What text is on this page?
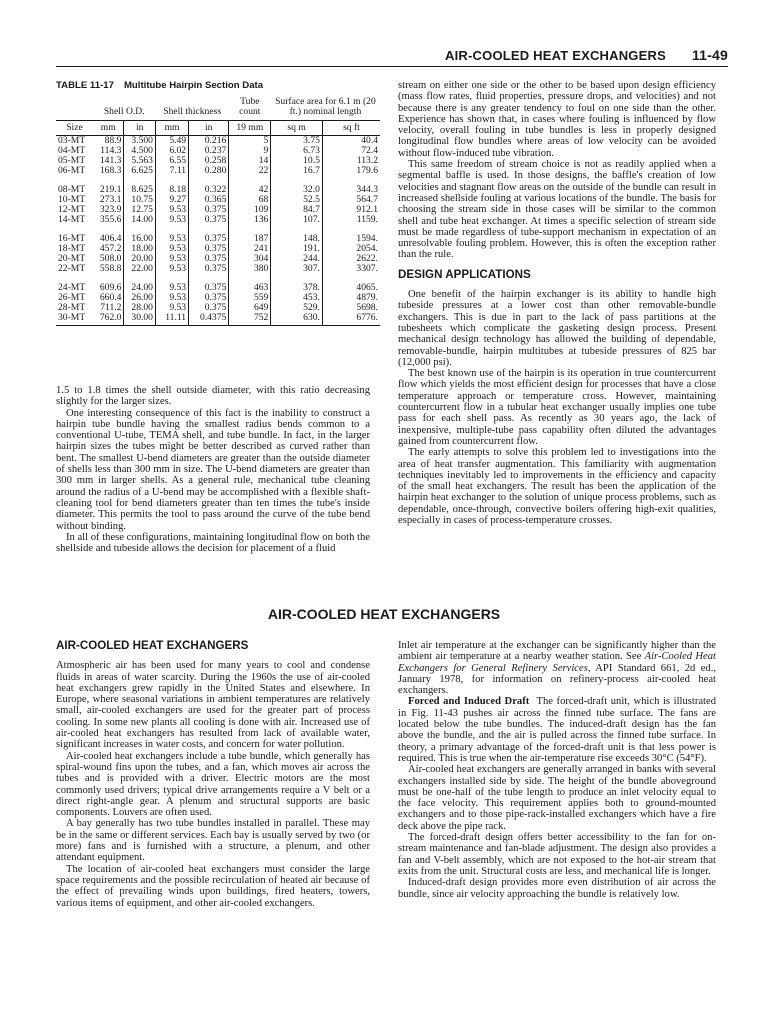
AIR-COOLED HEAT EXCHANGERS 11-49
TABLE 11-17 Multitube Hairpin Section Data
	Shell O.D.		Shell thickness		Tube count	Surface area for 6.1 m (20 ft.) nominal length	
Size	mm	in	mm	in	19 mm	sq m	sq ft
03-MT	88.9	3.500	5.49	0.216	5	3.75	40.4
04-MT	114.3	4.500	6.02	0.237	9	6.73	72.4
05-MT	141.3	5.563	6.55	0.258	14	10.5	113.2
06-MT	168.3	6.625	7.11	0.280	22	16.7	179.6

08-MT	219.1	8.625	8.18	0.322	42	32.0	344.3
10-MT	273.1	10.75	9.27	0.365	68	52.5	564.7
12-MT	323.9	12.75	9.53	0.375	109	84.7	912.1
14-MT	355.6	14.00	9.53	0.375	136	107.	1159.

16-MT	406.4	16.00	9.53	0.375	187	148.	1594.
18-MT	457.2	18.00	9.53	0.375	241	191.	2054.
20-MT	508.0	20.00	9.53	0.375	304	244.	2622.
22-MT	558.8	22.00	9.53	0.375	380	307.	3307.

24-MT	609.6	24.00	9.53	0.375	463	378.	4065.
26-MT	660.4	26.00	9.53	0.375	559	453.	4879.
28-MT	711.2	28.00	9.53	0.375	649	529.	5698.
30-MT	762.0	30.00	11.11	0.4375	752	630.	6776.

1.5 to 1.8 times the shell outside diameter, with this ratio decreasing slightly for the larger sizes.

One interesting consequence of this fact is the inability to construct a hairpin tube bundle having the smallest radius bends common to a conventional U-tube, TEMA shell, and tube bundle. In fact, in the larger hairpin sizes the tubes might be better described as curved rather than bent. The smallest U-bend diameters are greater than the outside diameter of shells less than 300 mm in size. The U-bend diameters are greater than 300 mm in larger shells. As a general rule, mechanical tube cleaning around the radius of a U-bend may be accomplished with a flexible shaft-cleaning tool for bend diameters greater than ten times the tube's inside diameter. This permits the tool to pass around the curve of the tube bend without binding.

In all of these configurations, maintaining longitudinal flow on both the shellside and tubeside allows the decision for placement of a fluid

stream on either one side or the other to be based upon design efficiency (mass flow rates, fluid properties, pressure drops, and velocities) and not because there is any greater tendency to foul on one side than the other. Experience has shown that, in cases where fouling is influenced by flow velocity, overall fouling in tube bundles is less in properly designed longitudinal flow bundles where areas of low velocity can be avoided without flow-induced tube vibration.

This same freedom of stream choice is not as readily applied when a segmental baffle is used. In those designs, the baffle's creation of low velocities and stagnant flow areas on the outside of the bundle can result in increased shellside fouling at various locations of the bundle. The basis for choosing the stream side in those cases will be similar to the common shell and tube heat exchanger. At times a specific selection of stream side must be made regardless of tube-support mechanism in expectation of an unresolvable fouling problem. However, this is often the exception rather than the rule.

DESIGN APPLICATIONS

One benefit of the hairpin exchanger is its ability to handle high tubeside pressures at a lower cost than other removable-bundle exchangers. This is due in part to the lack of pass partitions at the tubesheets which complicate the gasketing design process. Present mechanical design technology has allowed the building of dependable, removable-bundle, hairpin multitubes at tubeside pressures of 825 bar (12,000 psi).

The best known use of the hairpin is its operation in true countercurrent flow which yields the most efficient design for processes that have a close temperature approach or temperature cross. However, maintaining countercurrent flow in a tubular heat exchanger usually implies one tube pass for each shell pass. As recently as 30 years ago, the lack of inexpensive, multiple-tube pass capability often diluted the advantages gained from countercurrent flow.

The early attempts to solve this problem led to investigations into the area of heat transfer augmentation. This familiarity with augmentation techniques inevitably led to improvements in the efficiency and capacity of the small heat exchangers. The result has been the application of the hairpin heat exchanger to the solution of unique process problems, such as dependable, once-through, convective boilers offering high-exit qualities, especially in cases of process-temperature crosses.

AIR-COOLED HEAT EXCHANGERS
AIR-COOLED HEAT EXCHANGERS

Atmospheric air has been used for many years to cool and condense fluids in areas of water scarcity. During the 1960s the use of air-cooled heat exchangers grew rapidly in the United States and elsewhere. In Europe, where seasonal variations in ambient temperatures are relatively small, air-cooled exchangers are used for the greater part of process cooling. In some new plants all cooling is done with air. Increased use of air-cooled heat exchangers has resulted from lack of available water, significant increases in water costs, and concern for water pollution.

Air-cooled heat exchangers include a tube bundle, which generally has spiral-wound fins upon the tubes, and a fan, which moves air across the tubes and is provided with a driver. Electric motors are the most commonly used drivers; typical drive arrangements require a V belt or a direct right-angle gear. A plenum and structural supports are basic components. Louvers are often used.

A bay generally has two tube bundles installed in parallel. These may be in the same or different services. Each bay is usually served by two (or more) fans and is furnished with a structure, a plenum, and other attendant equipment.

The location of air-cooled heat exchangers must consider the large space requirements and the possible recirculation of heated air because of the effect of prevailing winds upon buildings, fired heaters, towers, various items of equipment, and other air-cooled exchangers.

Inlet air temperature at the exchanger can be significantly higher than the ambient air temperature at a nearby weather station. See Air-Cooled Heat Exchangers for General Refinery Services, API Standard 661, 2d ed., January 1978, for information on refinery-process air-cooled heat exchangers.

Forced and Induced Draft The forced-draft unit, which is illustrated in Fig. 11-43 pushes air across the finned tube surface. The fans are located below the tube bundles. The induced-draft design has the fan above the bundle, and the air is pulled across the finned tube surface. In theory, a primary advantage of the forced-draft unit is that less power is required. This is true when the air-temperature rise exceeds 30°C (54°F).

Air-cooled heat exchangers are generally arranged in banks with several exchangers installed side by side. The height of the bundle aboveground must be one-half of the tube length to produce an inlet velocity equal to the face velocity. This requirement applies both to ground-mounted exchangers and to those pipe-rack-installed exchangers which have a fire deck above the pipe rack.

The forced-draft design offers better accessibility to the fan for on-stream maintenance and fan-blade adjustment. The design also provides a fan and V-belt assembly, which are not exposed to the hot-air stream that exits from the unit. Structural costs are less, and mechanical life is longer.

Induced-draft design provides more even distribution of air across the bundle, since air velocity approaching the bundle is relatively low.
